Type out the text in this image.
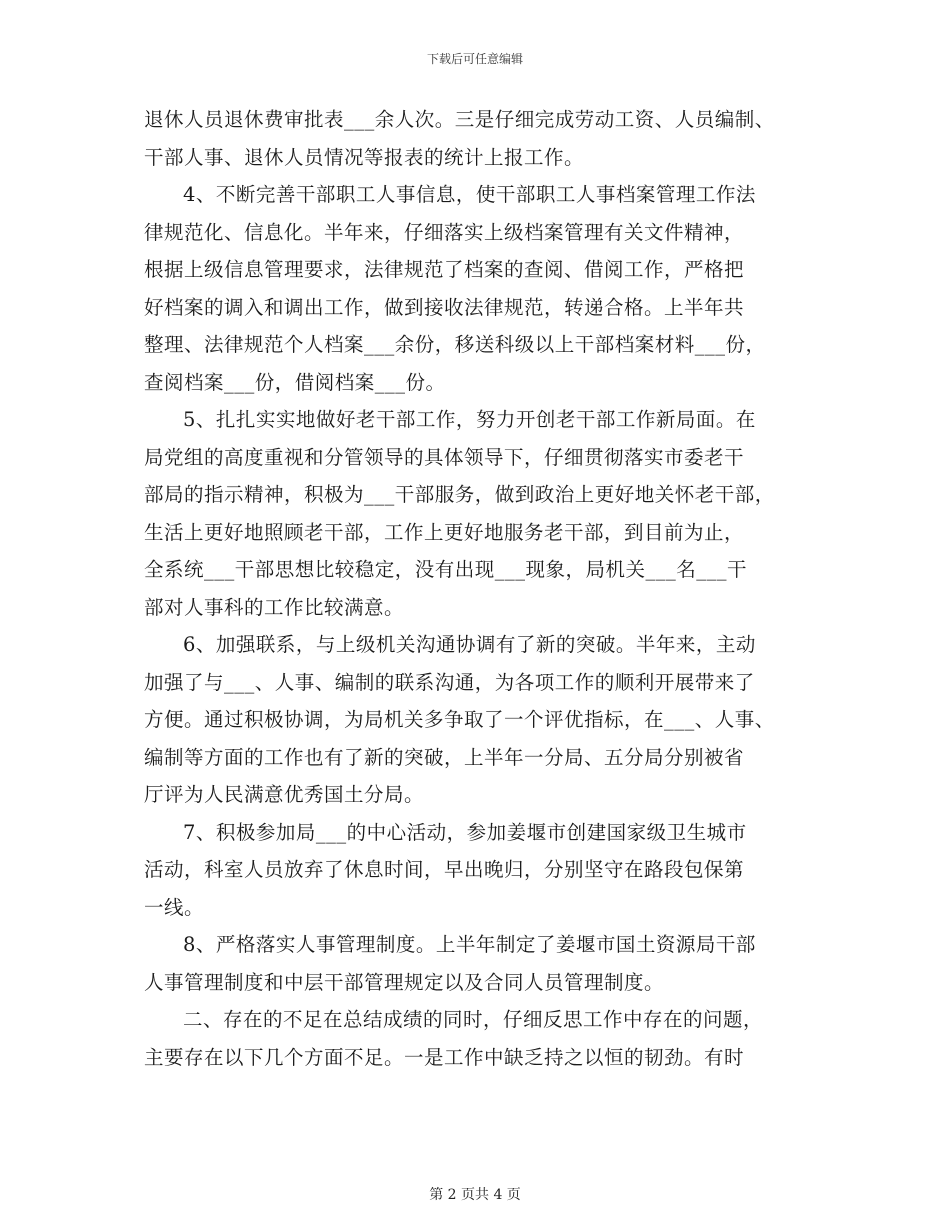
下载后可任意编辑

退休人员退休费审批表___余人次。三是仔细完成劳动工资、人员编制、
干部人事、退休人员情况等报表的统计上报工作。

4、不断完善干部职工人事信息，使干部职工人事档案管理工作法
律规范化、信息化。半年来，仔细落实上级档案管理有关文件精神，
根据上级信息管理要求，法律规范了档案的查阅、借阅工作，严格把
好档案的调入和调出工作，做到接收法律规范，转递合格。上半年共
整理、法律规范个人档案___余份，移送科级以上干部档案材料___份，
查阅档案___份，借阅档案___份。

5、扎扎实实地做好老干部工作，努力开创老干部工作新局面。在
局党组的高度重视和分管领导的具体领导下，仔细贯彻落实市委老干
部局的指示精神，积极为___干部服务，做到政治上更好地关怀老干部，
生活上更好地照顾老干部，工作上更好地服务老干部，到目前为止，
全系统___干部思想比较稳定，没有出现___现象，局机关___名___干
部对人事科的工作比较满意。

6、加强联系，与上级机关沟通协调有了新的突破。半年来，主动
加强了与___、人事、编制的联系沟通，为各项工作的顺利开展带来了
方便。通过积极协调，为局机关多争取了一个评优指标，在___、人事、
编制等方面的工作也有了新的突破，上半年一分局、五分局分别被省
厅评为人民满意优秀国土分局。

7、积极参加局___的中心活动，参加姜堰市创建国家级卫生城市
活动，科室人员放弃了休息时间，早出晚归，分别坚守在路段包保第
一线。

8、严格落实人事管理制度。上半年制定了姜堰市国土资源局干部
人事管理制度和中层干部管理规定以及合同人员管理制度。

二、存在的不足在总结成绩的同时，仔细反思工作中存在的问题，
主要存在以下几个方面不足。一是工作中缺乏持之以恒的韧劲。有时

第 2 页共 4 页
